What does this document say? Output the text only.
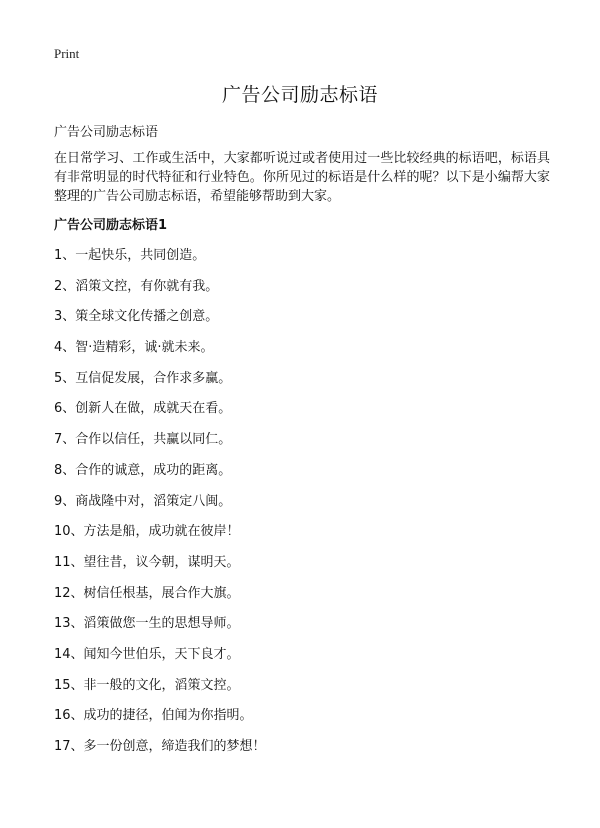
Print
广告公司励志标语
广告公司励志标语

在日常学习、工作或生活中，大家都听说过或者使用过一些比较经典的标语吧，标语具有非常明显的时代特征和行业特色。你所见过的标语是什么样的呢？以下是小编帮大家整理的广告公司励志标语，希望能够帮助到大家。

广告公司励志标语1
1、一起快乐，共同创造。
2、滔策文控，有你就有我。
3、策全球文化传播之创意。
4、智·造精彩，诚·就未来。
5、互信促发展，合作求多赢。
6、创新人在做，成就天在看。
7、合作以信任，共赢以同仁。
8、合作的诚意，成功的距离。
9、商战隆中对，滔策定八闽。
10、方法是船，成功就在彼岸！
11、望往昔，议今朝，谋明天。
12、树信任根基，展合作大旗。
13、滔策做您一生的思想导师。
14、闻知今世伯乐，天下良才。
15、非一般的文化，滔策文控。
16、成功的捷径，伯闻为你指明。
17、多一份创意，缔造我们的梦想！
